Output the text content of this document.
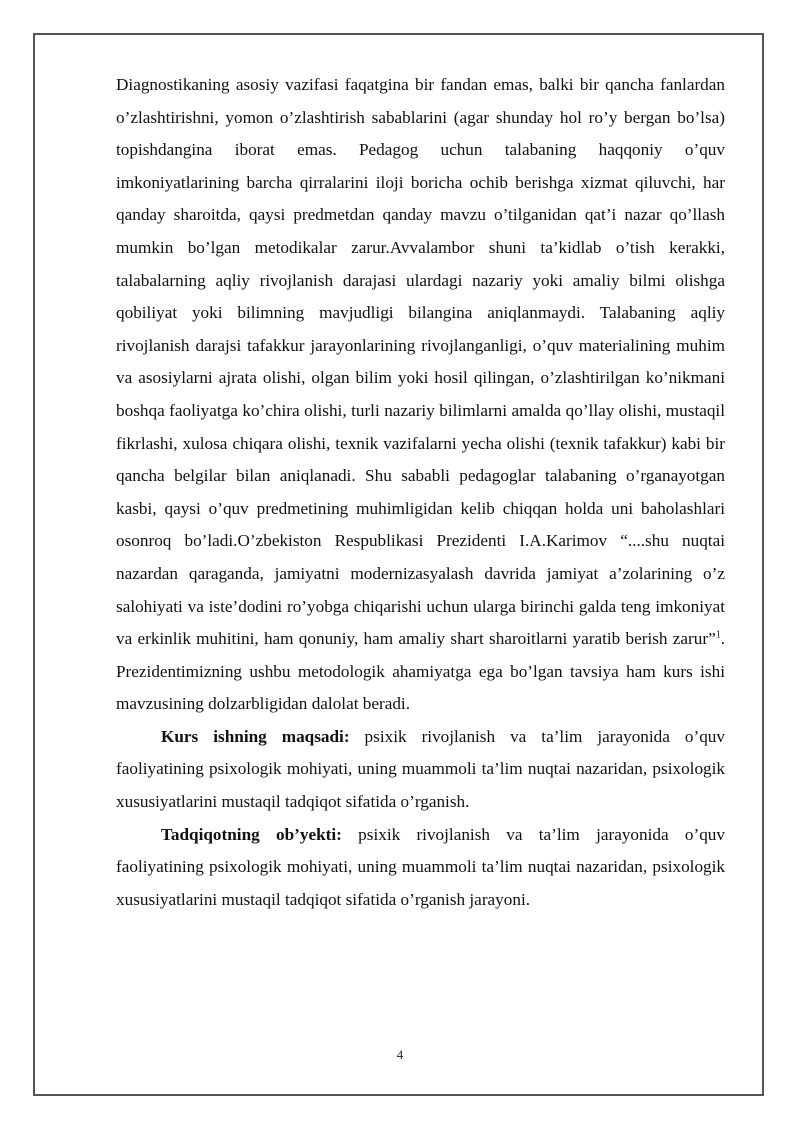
Diagnostikaning asosiy vazifasi faqatgina bir fandan emas, balki bir qancha fanlardan o’zlashtirishni, yomon o’zlashtirish sabablarini (agar shunday hol ro’y bergan bo’lsa) topishdangina iborat emas. Pedagog uchun talabaning haqqoniy o’quv imkoniyatlarining barcha qirralarini iloji boricha ochib berishga xizmat qiluvchi, har qanday sharoitda, qaysi predmetdan qanday mavzu o’tilganidan qat’i nazar qo’llash mumkin bo’lgan metodikalar zarur.Avvalambor shuni ta’kidlab o’tish kerakki, talabalarning aqliy rivojlanish darajasi ulardagi nazariy yoki amaliy bilmi olishga qobiliyat yoki bilimning mavjudligi bilangina aniqlanmaydi. Talabaning aqliy rivojlanish darajsi tafakkur jarayonlarining rivojlanganligi, o’quv materialining muhim va asosiylarni ajrata olishi, olgan bilim yoki hosil qilingan, o’zlashtirilgan ko’nikmani boshqa faoliyatga ko’chira olishi, turli nazariy bilimlarni amalda qo’llay olishi, mustaqil fikrlashi, xulosa chiqara olishi, texnik vazifalarni yecha olishi (texnik tafakkur) kabi bir qancha belgilar bilan aniqlanadi. Shu sababli pedagoglar talabaning o’rganayotgan kasbi, qaysi o’quv predmetining muhimligidan kelib chiqqan holda uni baholashlari osonroq bo’ladi.O’zbekiston Respublikasi Prezidenti I.A.Karimov “....shu nuqtai nazardan qaraganda, jamiyatni modernizasyalash davrida jamiyat a’zolarining o’z salohiyati va iste’dodini ro’yobga chiqarishi uchun ularga birinchi galda teng imkoniyat va erkinlik muhitini, ham qonuniy, ham amaliy shart sharoitlarni yaratib berish zarur”$^1$. Prezidentimizning ushbu metodologik ahamiyatga ega bo’lgan tavsiya ham kurs ishi mavzusining dolzarbligidan dalolat beradi.

Kurs ishning maqsadi: psixik rivojlanish va ta’lim jarayonida o’quv faoliyatining psixologik mohiyati, uning muammoli ta’lim nuqtai nazaridan, psixologik xususiyatlarini mustaqil tadqiqot sifatida o’rganish.

Tadqiqotning ob’yekti: psixik rivojlanish va ta’lim jarayonida o’quv faoliyatining psixologik mohiyati, uning muammoli ta’lim nuqtai nazaridan, psixologik xususiyatlarini mustaqil tadqiqot sifatida o’rganish jarayoni.

4
